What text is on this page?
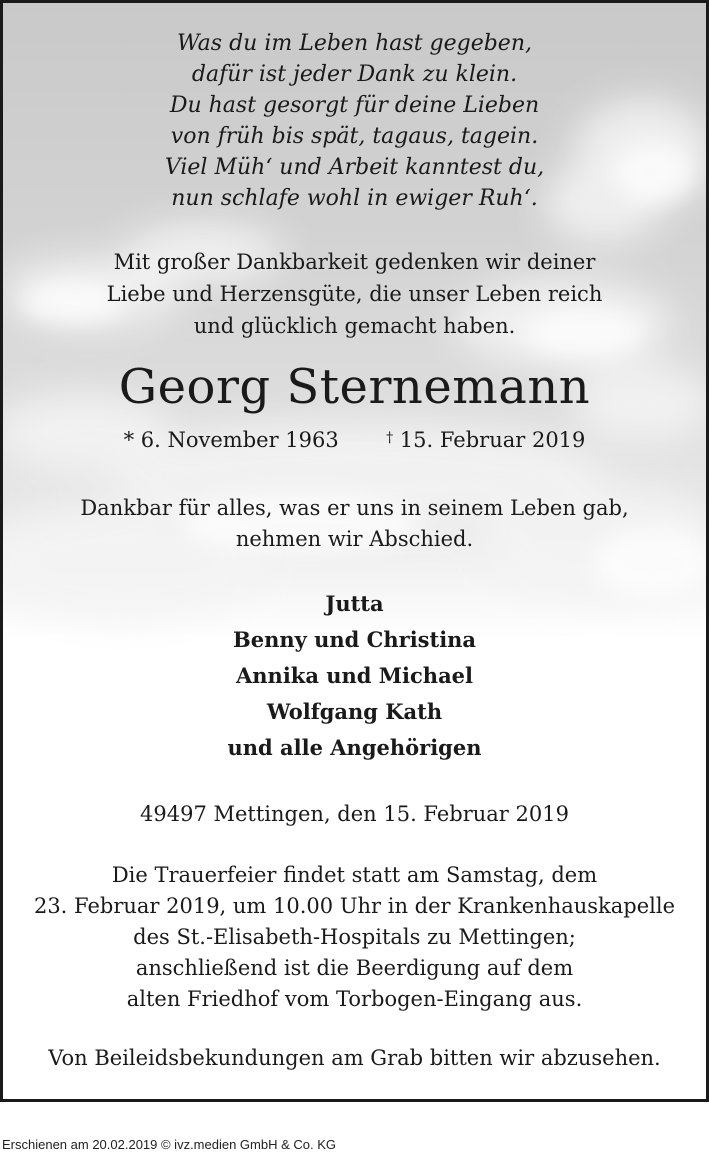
Was du im Leben hast gegeben,
dafür ist jeder Dank zu klein.
Du hast gesorgt für deine Lieben
von früh bis spät, tagaus, tagein.
Viel Müh‘ und Arbeit kanntest du,
nun schlafe wohl in ewiger Ruh‘.
Mit großer Dankbarkeit gedenken wir deiner
Liebe und Herzensgüte, die unser Leben reich
und glücklich gemacht haben.
Georg Sternemann
* 6. November 1963	† 15. Februar 2019
Dankbar für alles, was er uns in seinem Leben gab,
nehmen wir Abschied.
Jutta
Benny und Christina
Annika und Michael
Wolfgang Kath
und alle Angehörigen
49497 Mettingen, den 15. Februar 2019
Die Trauerfeier findet statt am Samstag, dem
23. Februar 2019, um 10.00 Uhr in der Krankenhauskapelle
des St.-Elisabeth-Hospitals zu Mettingen;
anschließend ist die Beerdigung auf dem
alten Friedhof vom Torbogen-Eingang aus.
Von Beileidsbekundungen am Grab bitten wir abzusehen.
Erschienen am 20.02.2019 © ivz.medien GmbH & Co. KG
